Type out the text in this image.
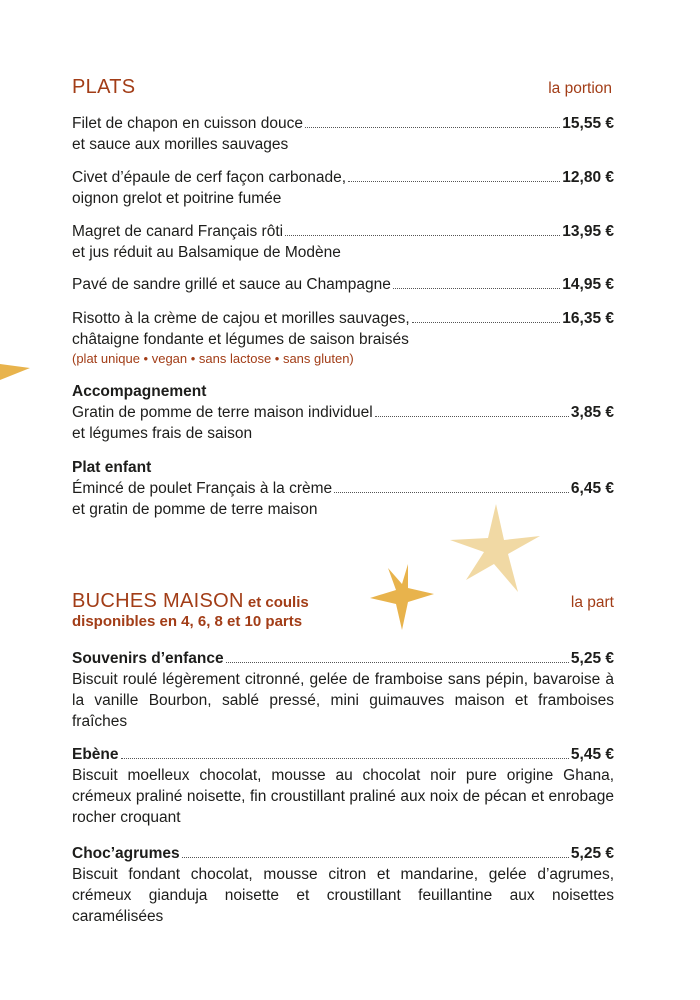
PLATS	la portion
Filet de chapon en cuisson douce	15,55 €
et sauce aux morilles sauvages
Civet d’épaule de cerf façon carbonade,	12,80 €
oignon grelot et poitrine fumée
Magret de canard Français rôti	13,95 €
et jus réduit au Balsamique de Modène
Pavé de sandre grillé et sauce au Champagne	14,95 €
Risotto à la crème de cajou et morilles sauvages,	16,35 €
châtaigne fondante et légumes de saison braisés
(plat unique • vegan • sans lactose • sans gluten)
Accompagnement
Gratin de pomme de terre maison individuel	3,85 €
et légumes frais de saison
Plat enfant
Émincé de poulet Français à la crème	6,45 €
et gratin de pomme de terre maison
BUCHES MAISON et coulis
disponibles en 4, 6, 8 et 10 parts
la part
Souvenirs d’enfance	5,25 €
Biscuit roulé légèrement citronné, gelée de framboise sans pépin, bavaroise à la vanille Bourbon, sablé pressé, mini guimauves maison et framboises fraîches
Ebène	5,45 €
Biscuit moelleux chocolat, mousse au chocolat noir pure origine Ghana, crémeux praliné noisette, fin croustillant praliné aux noix de pécan et enrobage rocher croquant
Choc’agrumes	5,25 €
Biscuit fondant chocolat, mousse citron et mandarine, gelée d’agrumes, crémeux gianduja noisette et croustillant feuillantine aux noisettes caramélisées
